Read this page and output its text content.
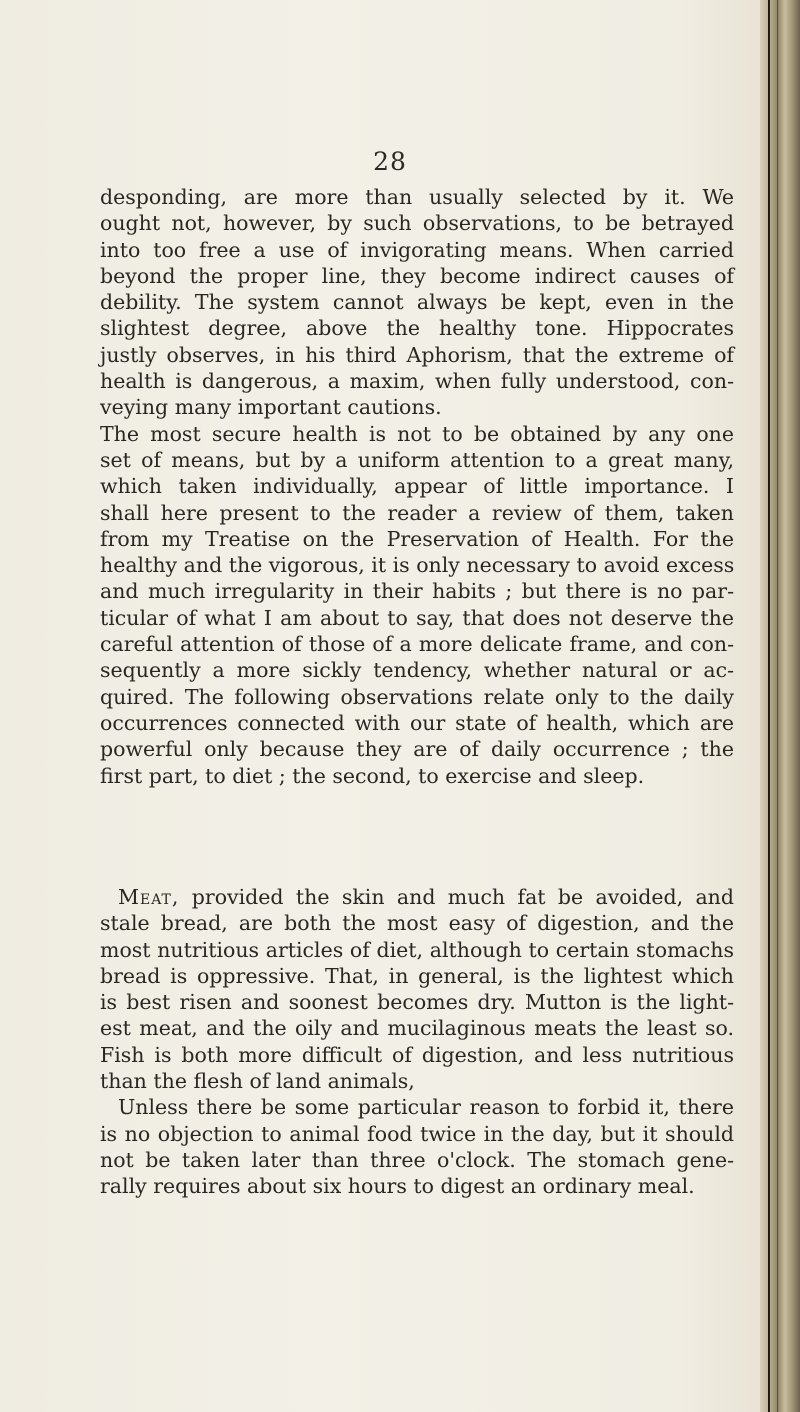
28
desponding, are more than usually selected by it. We
ought not, however, by such observations, to be betrayed
into too free a use of invigorating means. When carried
beyond the proper line, they become indirect causes of
debility. The system cannot always be kept, even in the
slightest degree, above the healthy tone. Hippocrates
justly observes, in his third Aphorism, that the extreme of
health is dangerous, a maxim, when fully understood, con-
veying many important cautions.
The most secure health is not to be obtained by any one
set of means, but by a uniform attention to a great many,
which taken individually, appear of little importance. I
shall here present to the reader a review of them, taken
from my Treatise on the Preservation of Health. For the
healthy and the vigorous, it is only necessary to avoid excess
and much irregularity in their habits ; but there is no par-
ticular of what I am about to say, that does not deserve the
careful attention of those of a more delicate frame, and con-
sequently a more sickly tendency, whether natural or ac-
quired. The following observations relate only to the daily
occurrences connected with our state of health, which are
powerful only because they are of daily occurrence ; the
first part, to diet ; the second, to exercise and sleep.
Meat, provided the skin and much fat be avoided, and
stale bread, are both the most easy of digestion, and the
most nutritious articles of diet, although to certain stomachs
bread is oppressive. That, in general, is the lightest which
is best risen and soonest becomes dry. Mutton is the light-
est meat, and the oily and mucilaginous meats the least so.
Fish is both more difficult of digestion, and less nutritious
than the flesh of land animals,
Unless there be some particular reason to forbid it, there
is no objection to animal food twice in the day, but it should
not be taken later than three o'clock. The stomach gene-
rally requires about six hours to digest an ordinary meal.
